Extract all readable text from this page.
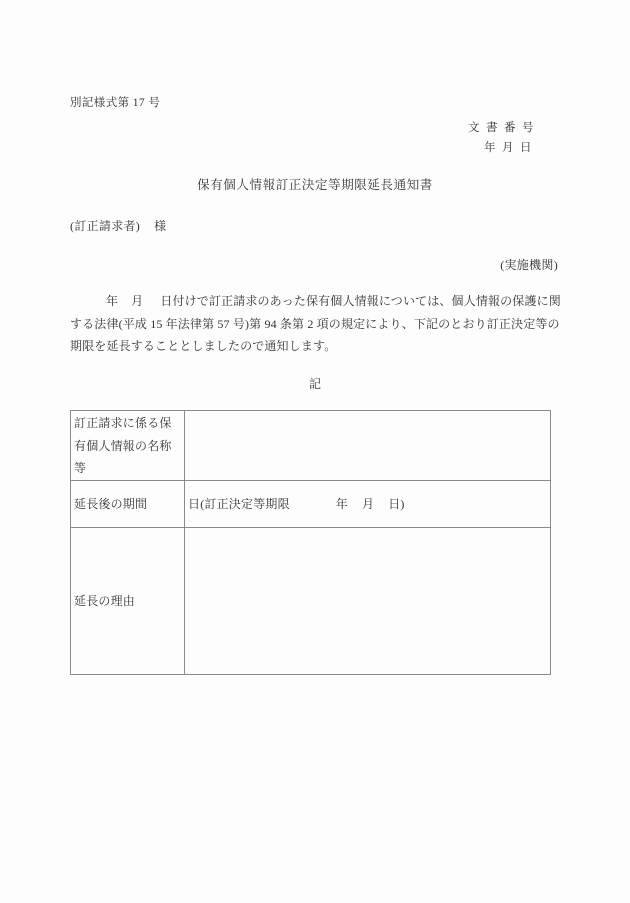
別記様式第 17 号
文書番号
年月日
保有個人情報訂正決定等期限延長通知書
(訂正請求者) 様
(実施機関)
年 月 日付けで訂正請求のあった保有個人情報については、個人情報の保護に関
する法律(平成 15 年法律第 57 号)第 94 条第 2 項の規定により、下記のとおり訂正決定等の
期限を延長することとしましたので通知します。
記
訂正請求に係る保有個人情報の名称等	
延長後の期間	日(訂正決定等期限 年 月 日)

延長の理由	
